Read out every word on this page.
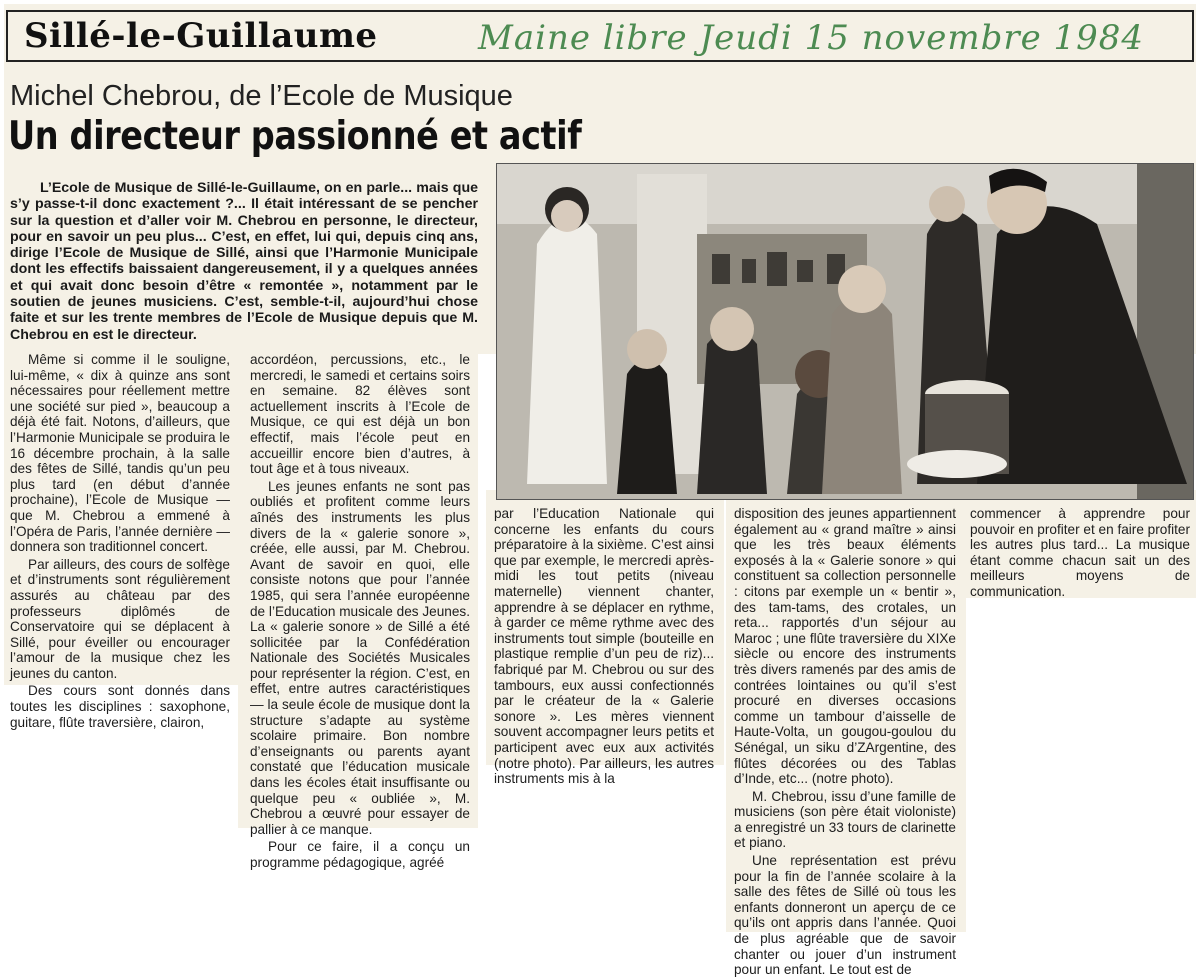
Sillé-le-Guillaume	Maine libre Jeudi 15 novembre 1984
Michel Chebrou, de l’Ecole de Musique
Un directeur passionné et actif

L’Ecole de Musique de Sillé-le-Guillaume, on en parle... mais que s’y passe-t-il donc exactement ?... Il était intéressant de se pencher sur la question et d’aller voir M. Chebrou en personne, le directeur, pour en savoir un peu plus... C’est, en effet, lui qui, depuis cinq ans, dirige l’Ecole de Musique de Sillé, ainsi que l’Harmonie Municipale dont les effectifs baissaient dangereusement, il y a quelques années et qui avait donc besoin d’être « remontée », notamment par le soutien de jeunes musiciens. C’est, semble-t-il, aujourd’hui chose faite et sur les trente membres de l’Ecole de Musique depuis que M. Chebrou en est le directeur.

Même si comme il le souligne, lui-même, « dix à quinze ans sont nécessaires pour réellement mettre une société sur pied », beaucoup a déjà été fait. Notons, d’ailleurs, que l’Harmonie Municipale se produira le 16 décembre prochain, à la salle des fêtes de Sillé, tandis qu’un peu plus tard (en début d’année prochaine), l’Ecole de Musique — que M. Chebrou a emmené à l’Opéra de Paris, l’année dernière — donnera son traditionnel concert.

Par ailleurs, des cours de solfège et d’instruments sont régulièrement assurés au château par des professeurs diplômés de Conservatoire qui se déplacent à Sillé, pour éveiller ou encourager l’amour de la musique chez les jeunes du canton.

Des cours sont donnés dans toutes les disciplines : saxophone, guitare, flûte traversière, clairon,

accordéon, percussions, etc., le mercredi, le samedi et certains soirs en semaine. 82 élèves sont actuellement inscrits à l’Ecole de Musique, ce qui est déjà un bon effectif, mais l’école peut en accueillir encore bien d’autres, à tout âge et à tous niveaux.

Les jeunes enfants ne sont pas oubliés et profitent comme leurs aînés des instruments les plus divers de la « galerie sonore », créée, elle aussi, par M. Chebrou. Avant de savoir en quoi, elle consiste notons que pour l’année 1985, qui sera l’année européenne de l’Education musicale des Jeunes. La « galerie sonore » de Sillé a été sollicitée par la Confédération Nationale des Sociétés Musicales pour représenter la région. C’est, en effet, entre autres caractéristiques — la seule école de musique dont la structure s’adapte au système scolaire primaire. Bon nombre d’enseignants ou parents ayant constaté que l’éducation musicale dans les écoles était insuffisante ou quelque peu « oubliée », M. Chebrou a œuvré pour essayer de pallier à ce manque.

Pour ce faire, il a conçu un programme pédagogique, agréé

par l’Education Nationale qui concerne les enfants du cours préparatoire à la sixième. C’est ainsi que par exemple, le mercredi après-midi les tout petits (niveau maternelle) viennent chanter, apprendre à se déplacer en rythme, à garder ce même rythme avec des instruments tout simple (bouteille en plastique remplie d’un peu de riz)... fabriqué par M. Chebrou ou sur des tambours, eux aussi confectionnés par le créateur de la « Galerie sonore ». Les mères viennent souvent accompagner leurs petits et participent avec eux aux activités (notre photo). Par ailleurs, les autres instruments mis à la

disposition des jeunes appartiennent également au « grand maître » ainsi que les très beaux éléments exposés à la « Galerie sonore » qui constituent sa collection personnelle : citons par exemple un « bentir », des tam-tams, des crotales, un reta... rapportés d’un séjour au Maroc ; une flûte traversière du XIXe siècle ou encore des instruments très divers ramenés par des amis de contrées lointaines ou qu’il s’est procuré en diverses occasions comme un tambour d’aisselle de Haute-Volta, un gougou-goulou du Sénégal, un siku d’ZArgentine, des flûtes décorées ou des Tablas d’Inde, etc... (notre photo).

M. Chebrou, issu d’une famille de musiciens (son père était violoniste) a enregistré un 33 tours de clarinette et piano.

Une représentation est prévu pour la fin de l’année scolaire à la salle des fêtes de Sillé où tous les enfants donneront un aperçu de ce qu’ils ont appris dans l’année. Quoi de plus agréable que de savoir chanter ou jouer d’un instrument pour un enfant. Le tout est de

commencer à apprendre pour pouvoir en profiter et en faire profiter les autres plus tard... La musique étant comme chacun sait un des meilleurs moyens de communication.
